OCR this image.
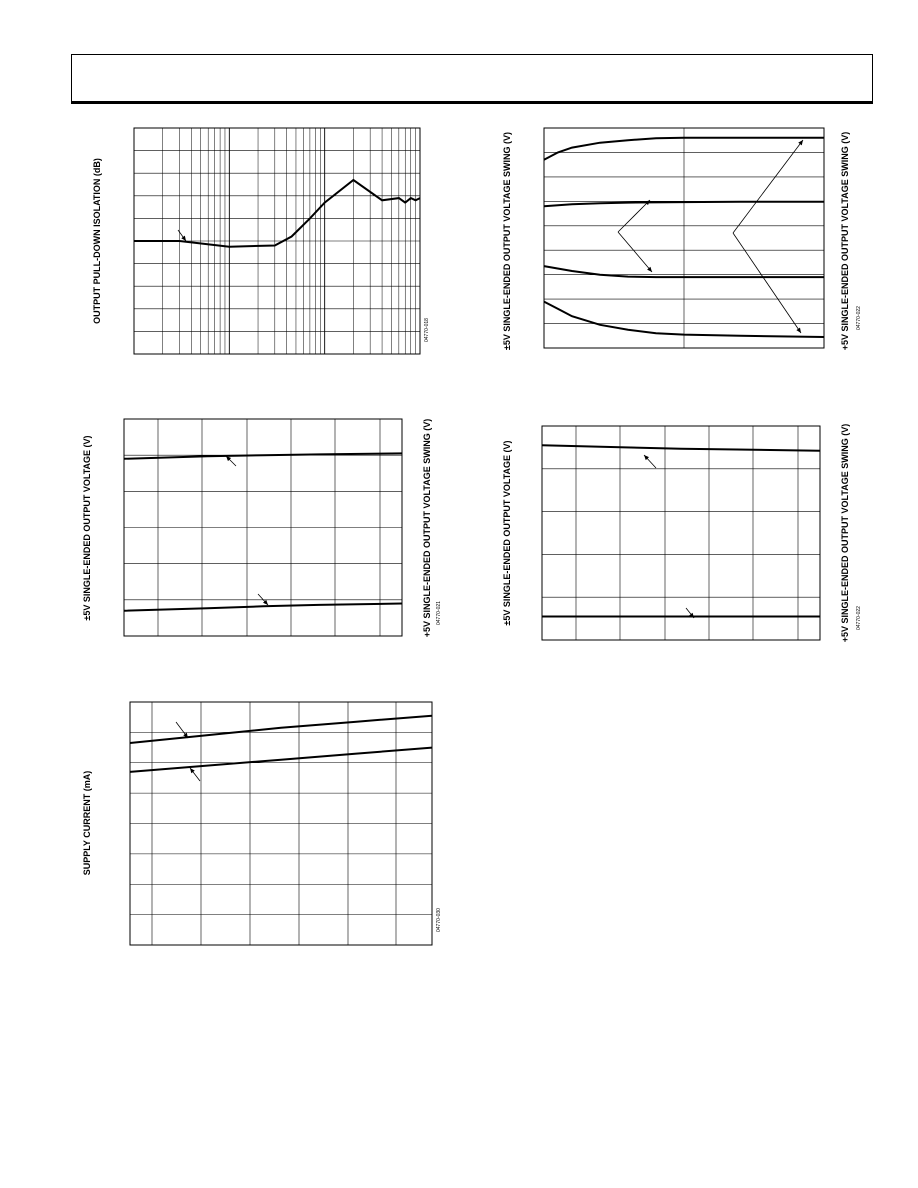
OUTPUT PULL-DOWN ISOLATION (dB)
04770-018	±5V SINGLE-ENDED OUTPUT VOLTAGE SWING (V)	+5V SINGLE-ENDED OUTPUT VOLTAGE SWING (V) 04770-022
±5V SINGLE-ENDED OUTPUT VOLTAGE (V)	+5V SINGLE-ENDED OUTPUT VOLTAGE SWING (V) 04770-021	±5V SINGLE-ENDED OUTPUT VOLTAGE (V)	+5V SINGLE-ENDED OUTPUT VOLTAGE SWING (V) 04770-022
SUPPLY CURRENT (mA)
04770-030
